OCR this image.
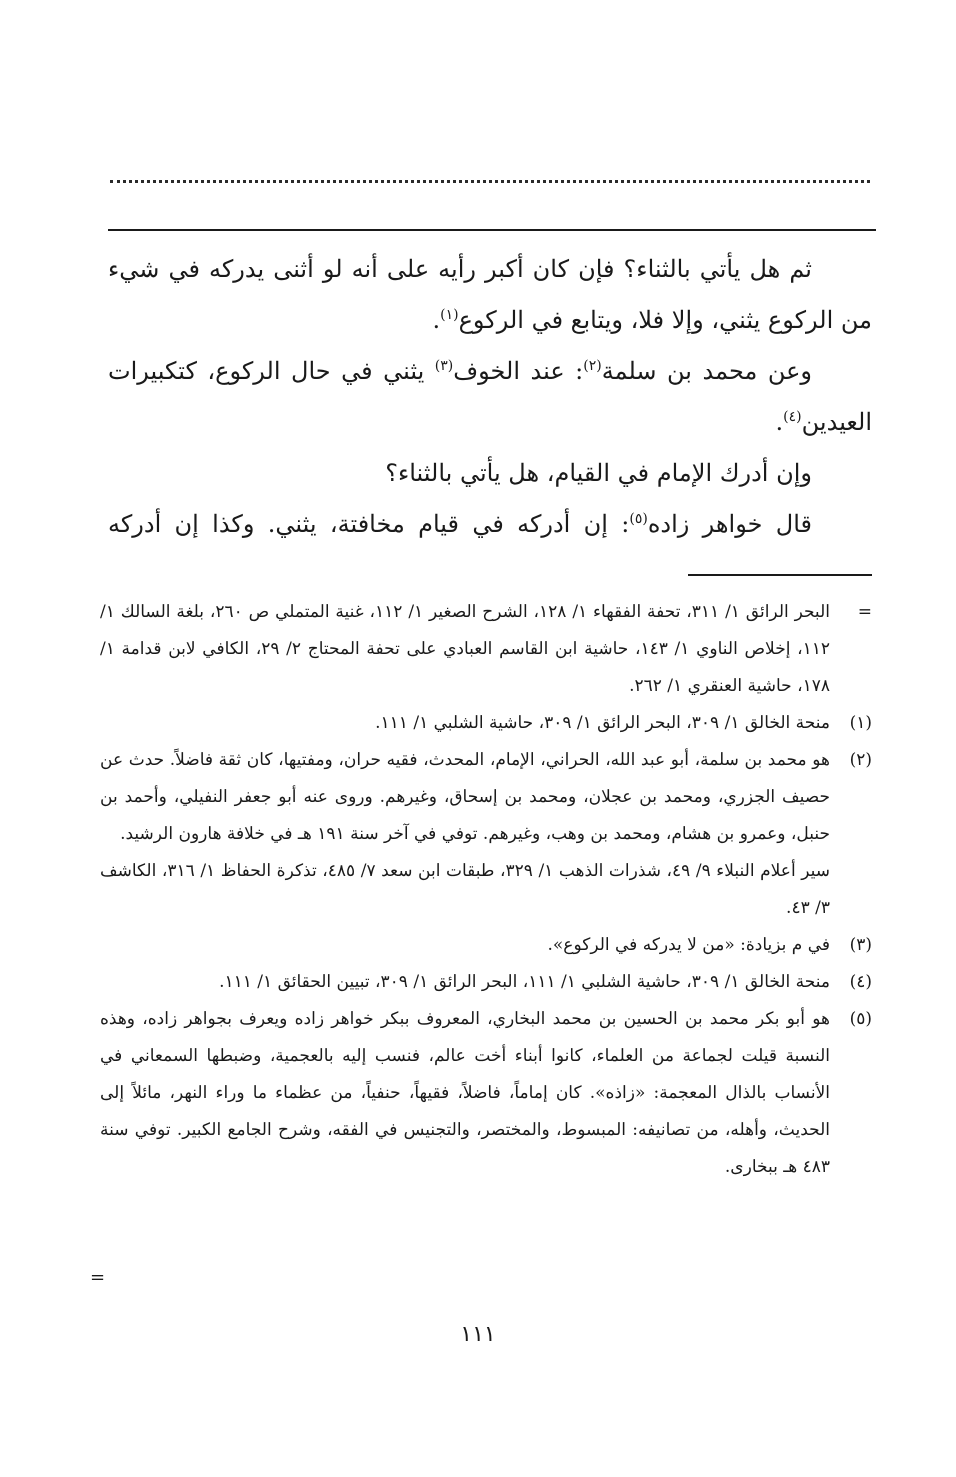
ثم هل يأتي بالثناء؟ فإن كان أكبر رأيه على أنه لو أثنى يدركه في شيء من الركوع يثني، وإلا فلا، ويتابع في الركوع$^{(١)}$.

وعن محمد بن سلمة$^{(٢)}$: عند الخوف$^{(٣)}$ يثني في حال الركوع، كتكبيرات العيدين$^{(٤)}$.

وإن أدرك الإمام في القيام، هل يأتي بالثناء؟

قال خواهر زاده$^{(٥)}$: إن أدركه في قيام مخافتة، يثني. وكذا إن أدركه

=

البحر الرائق ١/ ٣١١، تحفة الفقهاء ١/ ١٢٨، الشرح الصغير ١/ ١١٢، غنية المتملي ص ٢٦٠، بلغة السالك ١/ ١١٢، إخلاص الناوي ١/ ١٤٣، حاشية ابن القاسم العبادي على تحفة المحتاج ٢/ ٢٩، الكافي لابن قدامة ١/ ١٧٨، حاشية العنقري ١/ ٢٦٢.

(١)

منحة الخالق ١/ ٣٠٩، البحر الرائق ١/ ٣٠٩، حاشية الشلبي ١/ ١١١.

(٢)

هو محمد بن سلمة، أبو عبد الله، الحراني، الإمام، المحدث، فقيه حران، ومفتيها، كان ثقة فاضلاً. حدث عن حصيف الجزري، ومحمد بن عجلان، ومحمد بن إسحاق، وغيرهم. وروى عنه أبو جعفر النفيلي، وأحمد بن حنبل، وعمرو بن هشام، ومحمد بن وهب، وغيرهم. توفي في آخر سنة ١٩١ هـ في خلافة هارون الرشيد.

سير أعلام النبلاء ٩/ ٤٩، شذرات الذهب ١/ ٣٢٩، طبقات ابن سعد ٧/ ٤٨٥، تذكرة الحفاظ ١/ ٣١٦، الكاشف ٣/ ٤٣.

(٣)

في م بزيادة: «من لا يدركه في الركوع».

(٤)

منحة الخالق ١/ ٣٠٩، حاشية الشلبي ١/ ١١١، البحر الرائق ١/ ٣٠٩، تبيين الحقائق ١/ ١١١.

(٥)

هو أبو بكر محمد بن الحسين بن محمد البخاري، المعروف ببكر خواهر زاده ويعرف بجواهر زاده، وهذه النسبة قيلت لجماعة من العلماء، كانوا أبناء أخت عالم، فنسب إليه بالعجمية، وضبطها السمعاني في الأنساب بالذال المعجمة: «زاذه». كان إماماً، فاضلاً، فقيهاً، حنفياً، من عظماء ما وراء النهر، مائلاً إلى الحديث، وأهله، من تصانيفه: المبسوط، والمختصر، والتجنيس في الفقه، وشرح الجامع الكبير. توفي سنة ٤٨٣ هـ ببخارى.

=
١١١
